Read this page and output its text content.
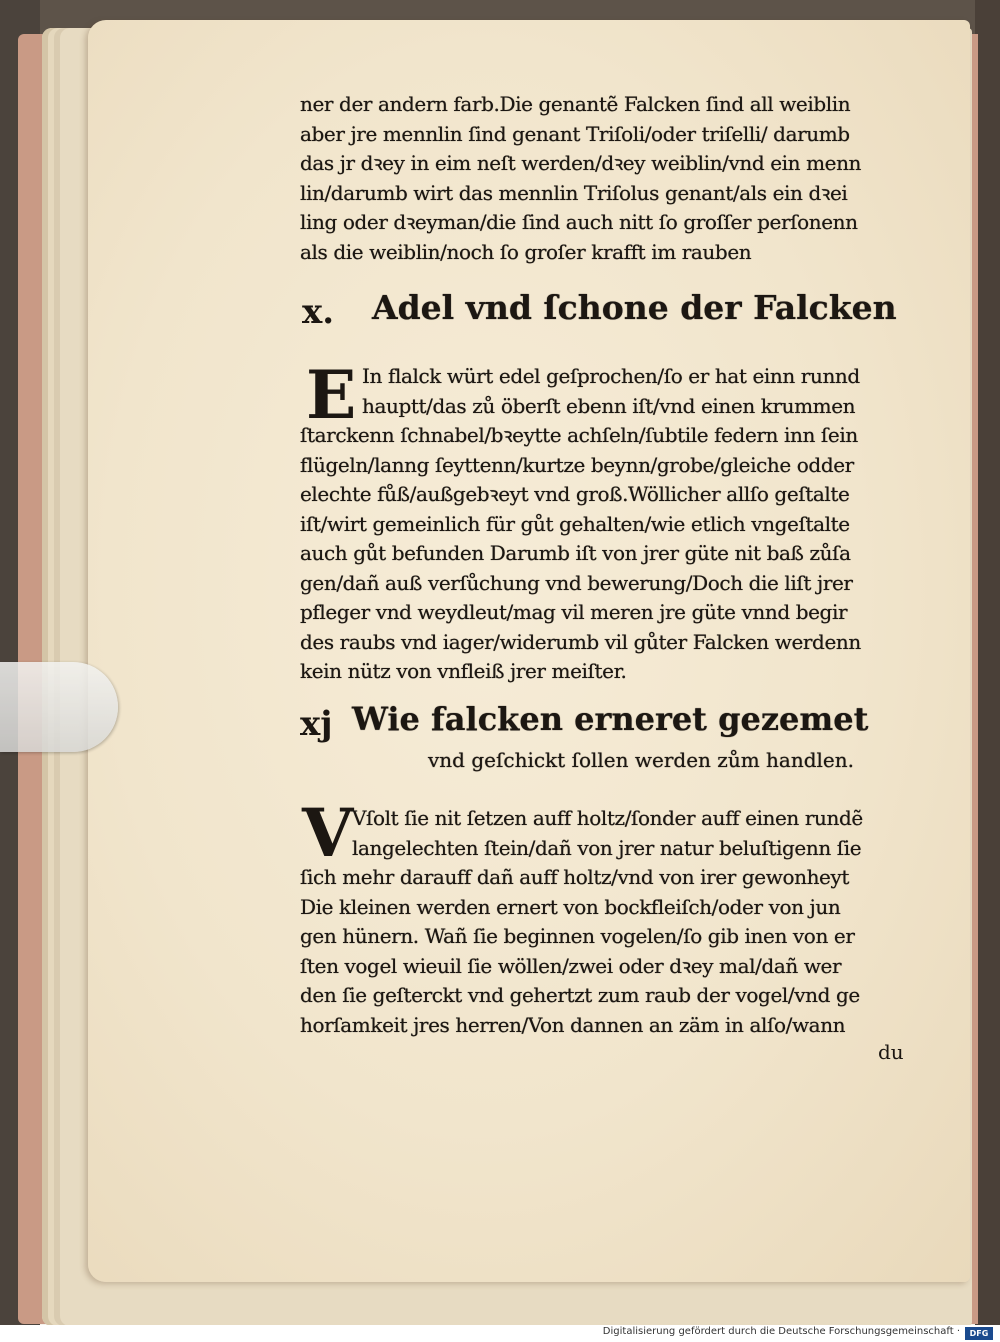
ner der andern farb.Die genantẽ Falcken ſind all weiblin
aber jre mennlin ſind genant Triſoli/oder triſelli/ darumb
das jr dꝛey in eim neſt werden/dꝛey weiblin/vnd ein menn
lin/darumb wirt das mennlin Triſolus genant/als ein dꝛei
ling oder dꝛeyman/die ſind auch nitt ſo groſſer perſonenn
als die weiblin/noch ſo groſer krafft im rauben
x. Adel vnd ſchone der Falcken
E In flalck würt edel geſprochen/ſo er hat einn runnd
hauptt/das zů öberſt ebenn iſt/vnd einen krummen
ſtarckenn ſchnabel/bꝛeytte achſeln/ſubtile federn inn ſein
flügeln/lanng ſeyttenn/kurtze beynn/grobe/gleiche odder
elechte fůß/außgebꝛeyt vnd groß.Wöllicher allſo geſtalte
iſt/wirt gemeinlich für gůt gehalten/wie etlich vngeſtalte
auch gůt befunden Darumb iſt von jrer güte nit baß zůſa
gen/dañ auß verſůchung vnd bewerung/Doch die liſt jrer
pfleger vnd weydleut/mag vil meren jre güte vnnd begir
des raubs vnd iager/widerumb vil gůter Falcken werdenn
kein nütz von vnfleiß jrer meiſter.
xj Wie falcken erneret gezemet
vnd geſchickt ſollen werden zům handlen.
V
Vſolt ſie nit ſetzen auff holtz/ſonder auff einen rundẽ
langelechten ſtein/dañ von jrer natur beluſtigenn ſie
ſich mehr darauff dañ auff holtz/vnd von irer gewonheyt
Die kleinen werden ernert von bockfleiſch/oder von jun
gen hünern. Wañ ſie beginnen vogelen/ſo gib inen von er
ſten vogel wieuil ſie wöllen/zwei oder dꝛey mal/dañ wer
den ſie geſterckt vnd gehertzt zum raub der vogel/vnd ge
horſamkeit jres herren/Von dannen an zäm in alſo/wann
du
Digitalisierung gefördert durch die Deutsche Forschungsgemeinschaft ·	DFG
